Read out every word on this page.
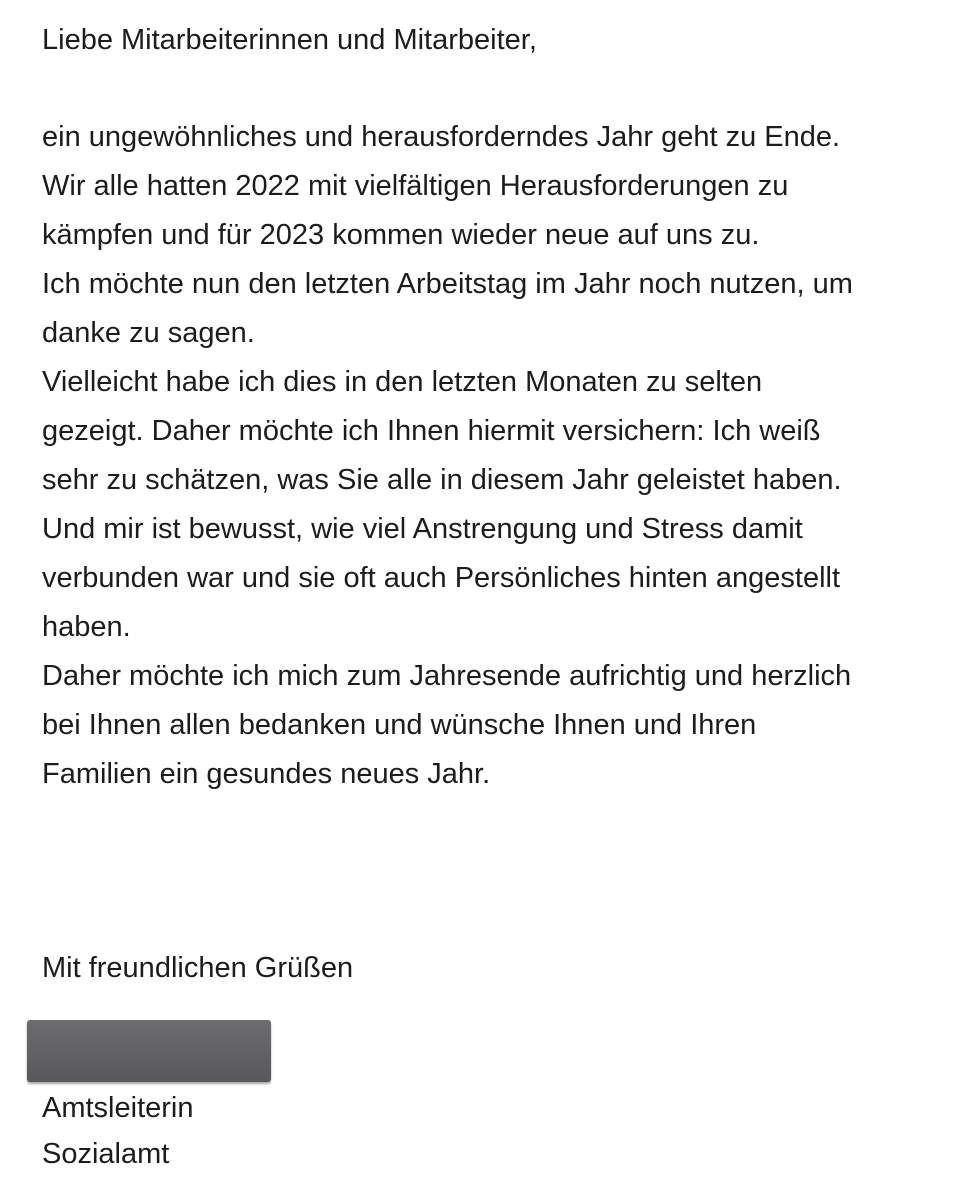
Liebe Mitarbeiterinnen und Mitarbeiter,

ein ungewöhnliches und herausforderndes Jahr geht zu Ende.

Wir alle hatten 2022 mit vielfältigen Herausforderungen zu

kämpfen und für 2023 kommen wieder neue auf uns zu.

Ich möchte nun den letzten Arbeitstag im Jahr noch nutzen, um

danke zu sagen.

Vielleicht habe ich dies in den letzten Monaten zu selten

gezeigt. Daher möchte ich Ihnen hiermit versichern: Ich weiß

sehr zu schätzen, was Sie alle in diesem Jahr geleistet haben.

Und mir ist bewusst, wie viel Anstrengung und Stress damit

verbunden war und sie oft auch Persönliches hinten angestellt

haben.

Daher möchte ich mich zum Jahresende aufrichtig und herzlich

bei Ihnen allen bedanken und wünsche Ihnen und Ihren

Familien ein gesundes neues Jahr.

Mit freundlichen Grüßen

Amtsleiterin

Sozialamt
